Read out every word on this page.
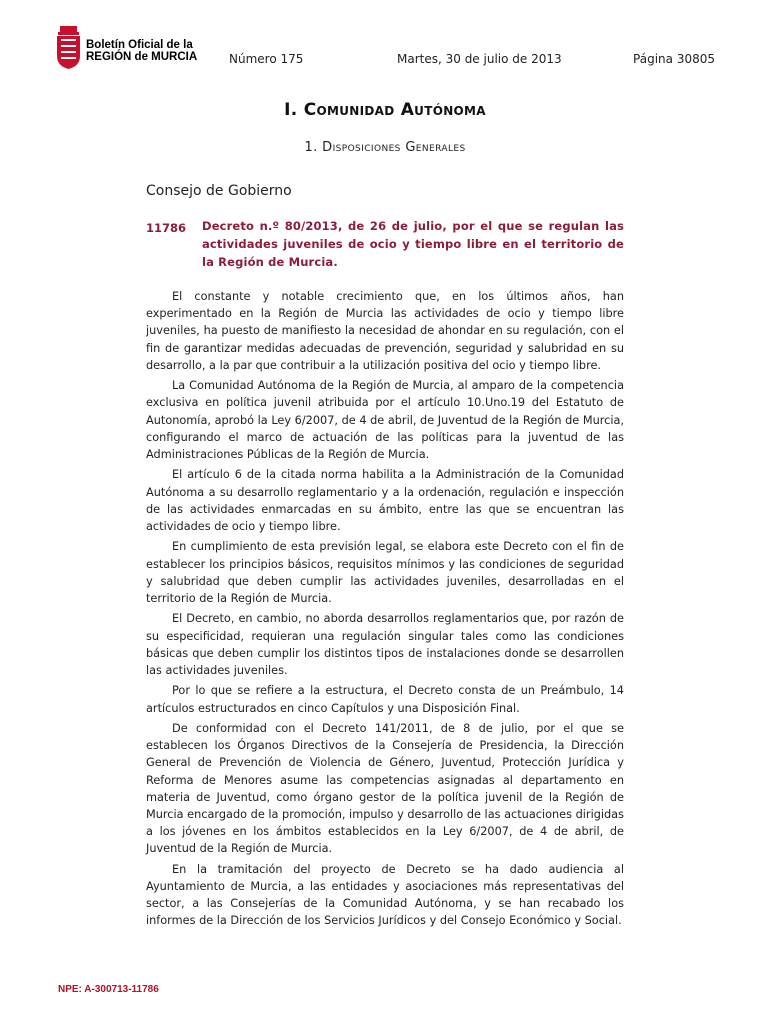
Boletín Oficial de la
REGIÓN de MURCIA	Número 175	Martes, 30 de julio de 2013	Página 30805
I. Comunidad Autónoma
1. Disposiciones Generales
Consejo de Gobierno
11786 Decreto n.º 80/2013, de 26 de julio, por el que se regulan las actividades juveniles de ocio y tiempo libre en el territorio de la Región de Murcia.

El constante y notable crecimiento que, en los últimos años, han experimentado en la Región de Murcia las actividades de ocio y tiempo libre juveniles, ha puesto de manifiesto la necesidad de ahondar en su regulación, con el fin de garantizar medidas adecuadas de prevención, seguridad y salubridad en su desarrollo, a la par que contribuir a la utilización positiva del ocio y tiempo libre.

La Comunidad Autónoma de la Región de Murcia, al amparo de la competencia exclusiva en política juvenil atribuida por el artículo 10.Uno.19 del Estatuto de Autonomía, aprobó la Ley 6/2007, de 4 de abril, de Juventud de la Región de Murcia, configurando el marco de actuación de las políticas para la juventud de las Administraciones Públicas de la Región de Murcia.

El artículo 6 de la citada norma habilita a la Administración de la Comunidad Autónoma a su desarrollo reglamentario y a la ordenación, regulación e inspección de las actividades enmarcadas en su ámbito, entre las que se encuentran las actividades de ocio y tiempo libre.

En cumplimiento de esta previsión legal, se elabora este Decreto con el fin de establecer los principios básicos, requisitos mínimos y las condiciones de seguridad y salubridad que deben cumplir las actividades juveniles, desarrolladas en el territorio de la Región de Murcia.

El Decreto, en cambio, no aborda desarrollos reglamentarios que, por razón de su especificidad, requieran una regulación singular tales como las condiciones básicas que deben cumplir los distintos tipos de instalaciones donde se desarrollen las actividades juveniles.

Por lo que se refiere a la estructura, el Decreto consta de un Preámbulo, 14 artículos estructurados en cinco Capítulos y una Disposición Final.

De conformidad con el Decreto 141/2011, de 8 de julio, por el que se establecen los Órganos Directivos de la Consejería de Presidencia, la Dirección General de Prevención de Violencia de Género, Juventud, Protección Jurídica y Reforma de Menores asume las competencias asignadas al departamento en materia de Juventud, como órgano gestor de la política juvenil de la Región de Murcia encargado de la promoción, impulso y desarrollo de las actuaciones dirigidas a los jóvenes en los ámbitos establecidos en la Ley 6/2007, de 4 de abril, de Juventud de la Región de Murcia.

En la tramitación del proyecto de Decreto se ha dado audiencia al Ayuntamiento de Murcia, a las entidades y asociaciones más representativas del sector, a las Consejerías de la Comunidad Autónoma, y se han recabado los informes de la Dirección de los Servicios Jurídicos y del Consejo Económico y Social.

NPE: A-300713-11786
